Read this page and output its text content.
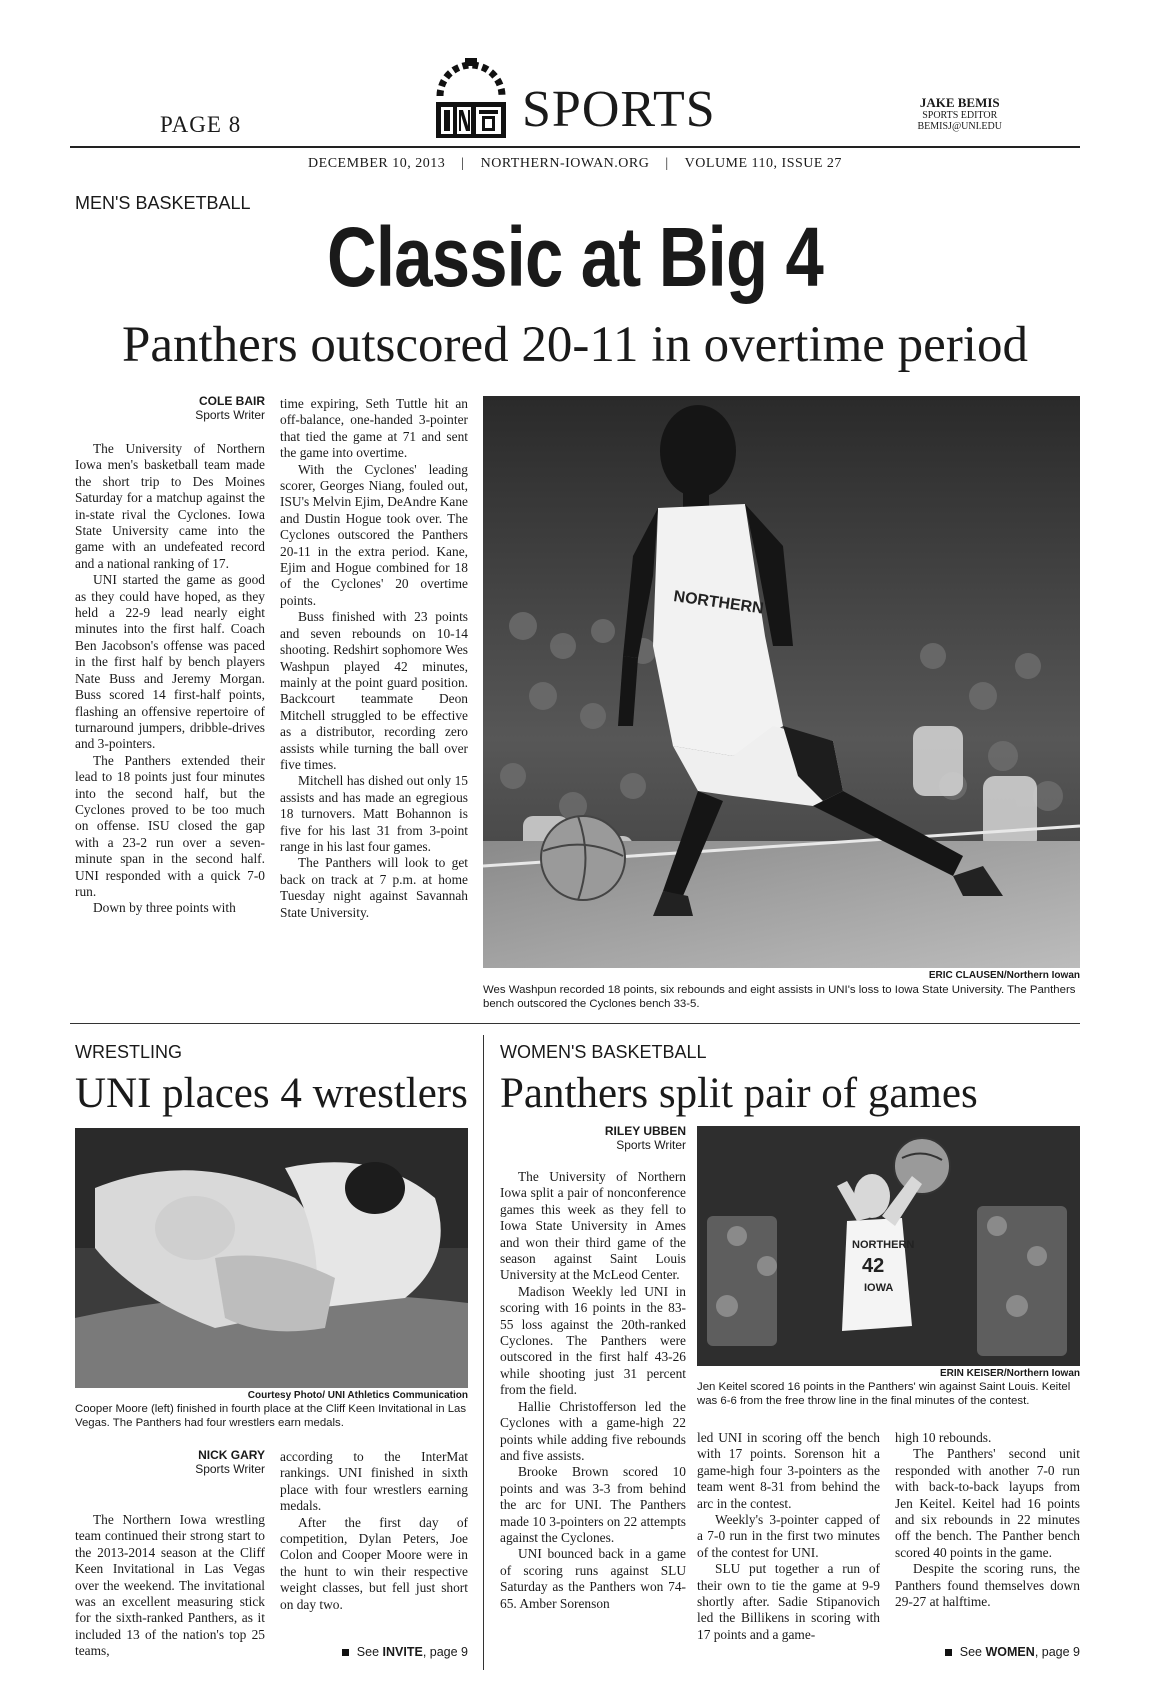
PAGE 8	SPORTS	JAKE BEMIS
SPORTS EDITOR
BEMISJ@UNI.EDU
DECEMBER 10, 2013 | NORTHERN-IOWAN.ORG | VOLUME 110, ISSUE 27
MEN'S BASKETBALL
Classic at Big 4
Panthers outscored 20-11 in overtime period
COLE BAIR
Sports Writer

The University of Northern Iowa men's basketball team made the short trip to Des Moines Saturday for a matchup against the in-state rival the Cyclones. Iowa State University came into the game with an undefeated record and a national ranking of 17.

UNI started the game as good as they could have hoped, as they held a 22-9 lead nearly eight minutes into the first half. Coach Ben Jacobson's offense was paced in the first half by bench players Nate Buss and Jeremy Morgan. Buss scored 14 first-half points, flashing an offensive repertoire of turnaround jumpers, dribble-drives and 3-pointers.

The Panthers extended their lead to 18 points just four minutes into the second half, but the Cyclones proved to be too much on offense. ISU closed the gap with a 23-2 run over a seven-minute span in the second half. UNI responded with a quick 7-0 run.

Down by three points with

time expiring, Seth Tuttle hit an off-balance, one-handed 3-pointer that tied the game at 71 and sent the game into overtime.

With the Cyclones' leading scorer, Georges Niang, fouled out, ISU's Melvin Ejim, DeAndre Kane and Dustin Hogue took over. The Cyclones outscored the Panthers 20-11 in the extra period. Kane, Ejim and Hogue combined for 18 of the Cyclones' 20 overtime points.

Buss finished with 23 points and seven rebounds on 10-14 shooting. Redshirt sophomore Wes Washpun played 42 minutes, mainly at the point guard position. Backcourt teammate Deon Mitchell struggled to be effective as a distributor, recording zero assists while turning the ball over five times.

Mitchell has dished out only 15 assists and has made an egregious 18 turnovers. Matt Bohannon is five for his last 31 from 3-point range in his last four games.

The Panthers will look to get back on track at 7 p.m. at home Tuesday night against Savannah State University.

NORTHERN
ERIC CLAUSEN/Northern Iowan
Wes Washpun recorded 18 points, six rebounds and eight assists in UNI's loss to Iowa State University. The Panthers bench outscored the Cyclones bench 33-5.
WRESTLING
UNI places 4 wrestlers
Courtesy Photo/ UNI Athletics Communication
Cooper Moore (left) finished in fourth place at the Cliff Keen Invitational in Las Vegas. The Panthers had four wrestlers earn medals.
NICK GARY
Sports Writer

The Northern Iowa wrestling team continued their strong start to the 2013-2014 season at the Cliff Keen Invitational in Las Vegas over the weekend. The invitational was an excellent measuring stick for the sixth-ranked Panthers, as it included 13 of the nation's top 25 teams,

according to the InterMat rankings. UNI finished in sixth place with four wrestlers earning medals.

After the first day of competition, Dylan Peters, Joe Colon and Cooper Moore were in the hunt to win their respective weight classes, but fell just short on day two.

See INVITE, page 9
WOMEN'S BASKETBALL
Panthers split pair of games
RILEY UBBEN
Sports Writer

The University of Northern Iowa split a pair of nonconference games this week as they fell to Iowa State University in Ames and won their third game of the season against Saint Louis University at the McLeod Center.

Madison Weekly led UNI in scoring with 16 points in the 83-55 loss against the 20th-ranked Cyclones. The Panthers were outscored in the first half 43-26 while shooting just 31 percent from the field.

Hallie Christofferson led the Cyclones with a game-high 22 points while adding five rebounds and five assists.

Brooke Brown scored 10 points and was 3-3 from behind the arc for UNI. The Panthers made 10 3-pointers on 22 attempts against the Cyclones.

UNI bounced back in a game of scoring runs against SLU Saturday as the Panthers won 74-65. Amber Sorenson

NORTHERN
42
IOWA
ERIN KEISER/Northern Iowan
Jen Keitel scored 16 points in the Panthers' win against Saint Louis. Keitel was 6-6 from the free throw line in the final minutes of the contest.

led UNI in scoring off the bench with 17 points. Sorenson hit a game-high four 3-pointers as the team went 8-31 from behind the arc in the contest.

Weekly's 3-pointer capped of a 7-0 run in the first two minutes of the contest for UNI.

SLU put together a run of their own to tie the game at 9-9 shortly after. Sadie Stipanovich led the Billikens in scoring with 17 points and a game-

high 10 rebounds.

The Panthers' second unit responded with another 7-0 run with back-to-back layups from Jen Keitel. Keitel had 16 points and six rebounds in 22 minutes off the bench. The Panther bench scored 40 points in the game.

Despite the scoring runs, the Panthers found themselves down 29-27 at halftime.

See WOMEN, page 9
